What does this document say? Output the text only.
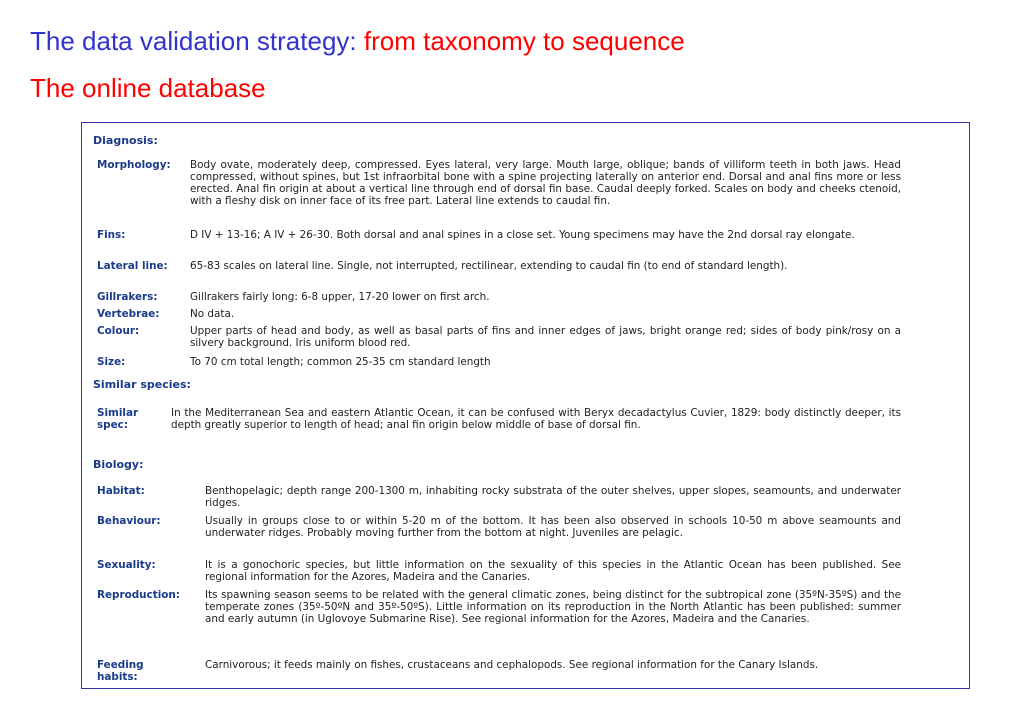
The data validation strategy: from taxonomy to sequence
The online database
Diagnosis:
Morphology: Body ovate, moderately deep, compressed. Eyes lateral, very large. Mouth large, oblique; bands of villiform teeth in both jaws. Head compressed, without spines, but 1st infraorbital bone with a spine projecting laterally on anterior end. Dorsal and anal fins more or less erected. Anal fin origin at about a vertical line through end of dorsal fin base. Caudal deeply forked. Scales on body and cheeks ctenoid, with a fleshy disk on inner face of its free part. Lateral line extends to caudal fin.
Fins:	D IV + 13-16; A IV + 26-30. Both dorsal and anal spines in a close set. Young specimens may have the 2nd dorsal ray elongate.
Lateral line: 65-83 scales on lateral line. Single, not interrupted, rectilinear, extending to caudal fin (to end of standard length).
Gillrakers:	Gillrakers fairly long: 6-8 upper, 17-20 lower on first arch.
Vertebrae:	No data.
Colour:	Upper parts of head and body, as well as basal parts of fins and inner edges of jaws, bright orange red; sides of body pink/rosy on a silvery background. Iris uniform blood red.
Size:	To 70 cm total length; common 25-35 cm standard length
Similar species:
Similar spec:
In the Mediterranean Sea and eastern Atlantic Ocean, it can be confused with Beryx decadactylus Cuvier, 1829: body distinctly deeper, its depth greatly superior to length of head; anal fin origin below middle of base of dorsal fin.
Biology:
Habitat:	Benthopelagic; depth range 200-1300 m, inhabiting rocky substrata of the outer shelves, upper slopes, seamounts, and underwater ridges.
Behaviour:	Usually in groups close to or within 5-20 m of the bottom. It has been also observed in schools 10-50 m above seamounts and underwater ridges. Probably moving further from the bottom at night. Juveniles are pelagic.
Sexuality:	It is a gonochoric species, but little information on the sexuality of this species in the Atlantic Ocean has been published. See regional information for the Azores, Madeira and the Canaries.
Reproduction: Its spawning season seems to be related with the general climatic zones, being distinct for the subtropical zone (35ºN-35ºS) and the temperate zones (35º-50ºN and 35º-50ºS). Little information on its reproduction in the North Atlantic has been published: summer and early autumn (in Uglovoye Submarine Rise). See regional information for the Azores, Madeira and the Canaries.
Feeding habits:
Carnivorous; it feeds mainly on fishes, crustaceans and cephalopods. See regional information for the Canary Islands.
